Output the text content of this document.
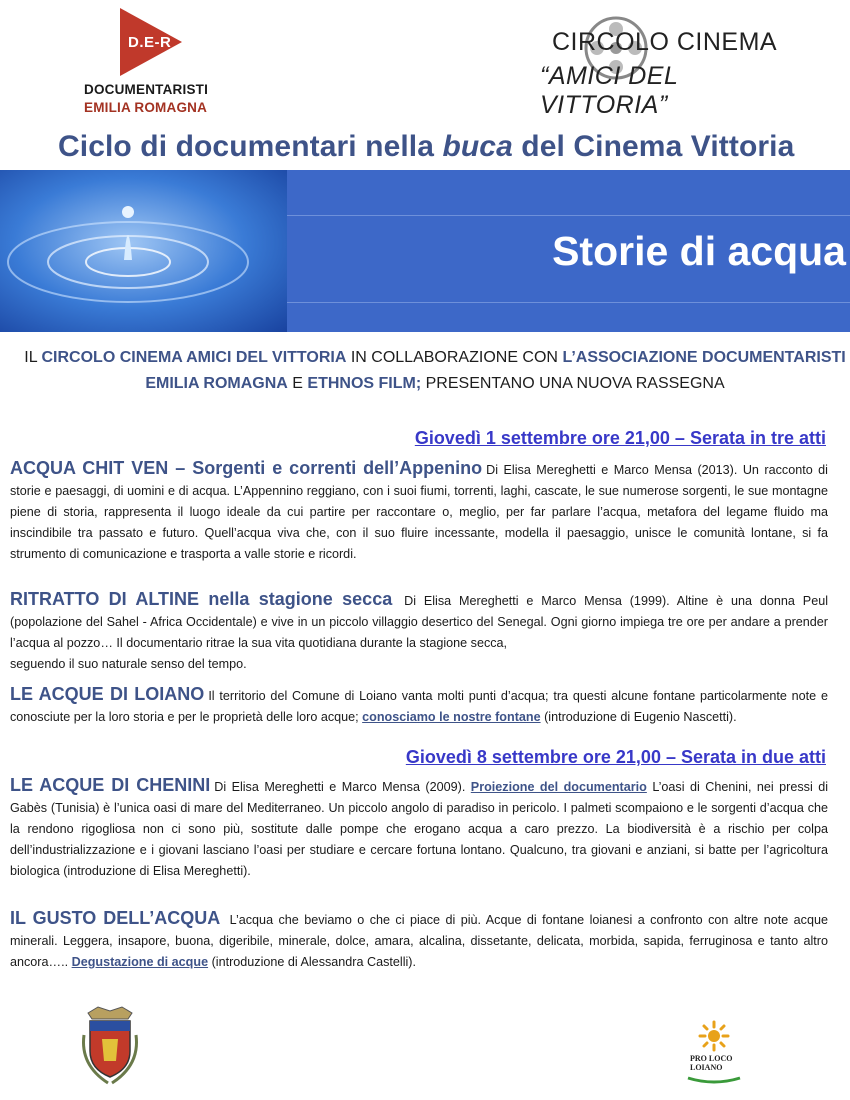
D.E-R
DOCUMENTARISTI
EMILIA ROMAGNA
CIRCOLO CINEMA
“AMICI DEL VITTORIA”
Ciclo di documentari nella buca del Cinema Vittoria
Storie di acqua
IL CIRCOLO CINEMA AMICI DEL VITTORIA IN COLLABORAZIONE CON L’ASSOCIAZIONE DOCUMENTARISTI EMILIA ROMAGNA E ETHNOS FILM; PRESENTANO UNA NUOVA RASSEGNA
Giovedì 1 settembre ore 21,00 – Serata in tre atti
ACQUA CHIT VEN – Sorgenti e correnti dell’Appenino Di Elisa Mereghetti e Marco Mensa (2013). Un racconto di storie e paesaggi, di uomini e di acqua. L’Appennino reggiano, con i suoi fiumi, torrenti, laghi, cascate, le sue numerose sorgenti, le sue montagne piene di storia, rappresenta il luogo ideale da cui partire per raccontare o, meglio, per far parlare l’acqua, metafora del legame fluido ma inscindibile tra passato e futuro. Quell’acqua viva che, con il suo fluire incessante, modella il paesaggio, unisce le comunità lontane, si fa strumento di comunicazione e trasporta a valle storie e ricordi.
RITRATTO DI ALTINE nella stagione secca Di Elisa Mereghetti e Marco Mensa (1999). Altine è una donna Peul (popolazione del Sahel - Africa Occidentale) e vive in un piccolo villaggio desertico del Senegal. Ogni giorno impiega tre ore per andare a prender l’acqua al pozzo… Il documentario ritrae la sua vita quotidiana durante la stagione secca,
seguendo il suo naturale senso del tempo.
LE ACQUE DI LOIANO Il territorio del Comune di Loiano vanta molti punti d’acqua; tra questi alcune fontane particolarmente note e conosciute per la loro storia e per le proprietà delle loro acque; conosciamo le nostre fontane (introduzione di Eugenio Nascetti).
Giovedì 8 settembre ore 21,00 – Serata in due atti
LE ACQUE DI CHENINI Di Elisa Mereghetti e Marco Mensa (2009). Proiezione del documentario L’oasi di Chenini, nei pressi di Gabès (Tunisia) è l’unica oasi di mare del Mediterraneo. Un piccolo angolo di paradiso in pericolo. I palmeti scompaiono e le sorgenti d’acqua che la rendono rigogliosa non ci sono più, sostitute dalle pompe che erogano acqua a caro prezzo. La biodiversità è a rischio per colpa dell’industrializzazione e i giovani lasciano l’oasi per studiare e cercare fortuna lontano. Qualcuno, tra giovani e anziani, si batte per l’agricoltura biologica (introduzione di Elisa Mereghetti).
IL GUSTO DELL’ACQUA L’acqua che beviamo o che ci piace di più. Acque di fontane loianesi a confronto con altre note acque minerali. Leggera, insapore, buona, digeribile, minerale, dolce, amara, alcalina, dissetante, delicata, morbida, sapida, ferruginosa e tanto altro ancora….. Degustazione di acque (introduzione di Alessandra Castelli).
PRO LOCO
LOIANO
